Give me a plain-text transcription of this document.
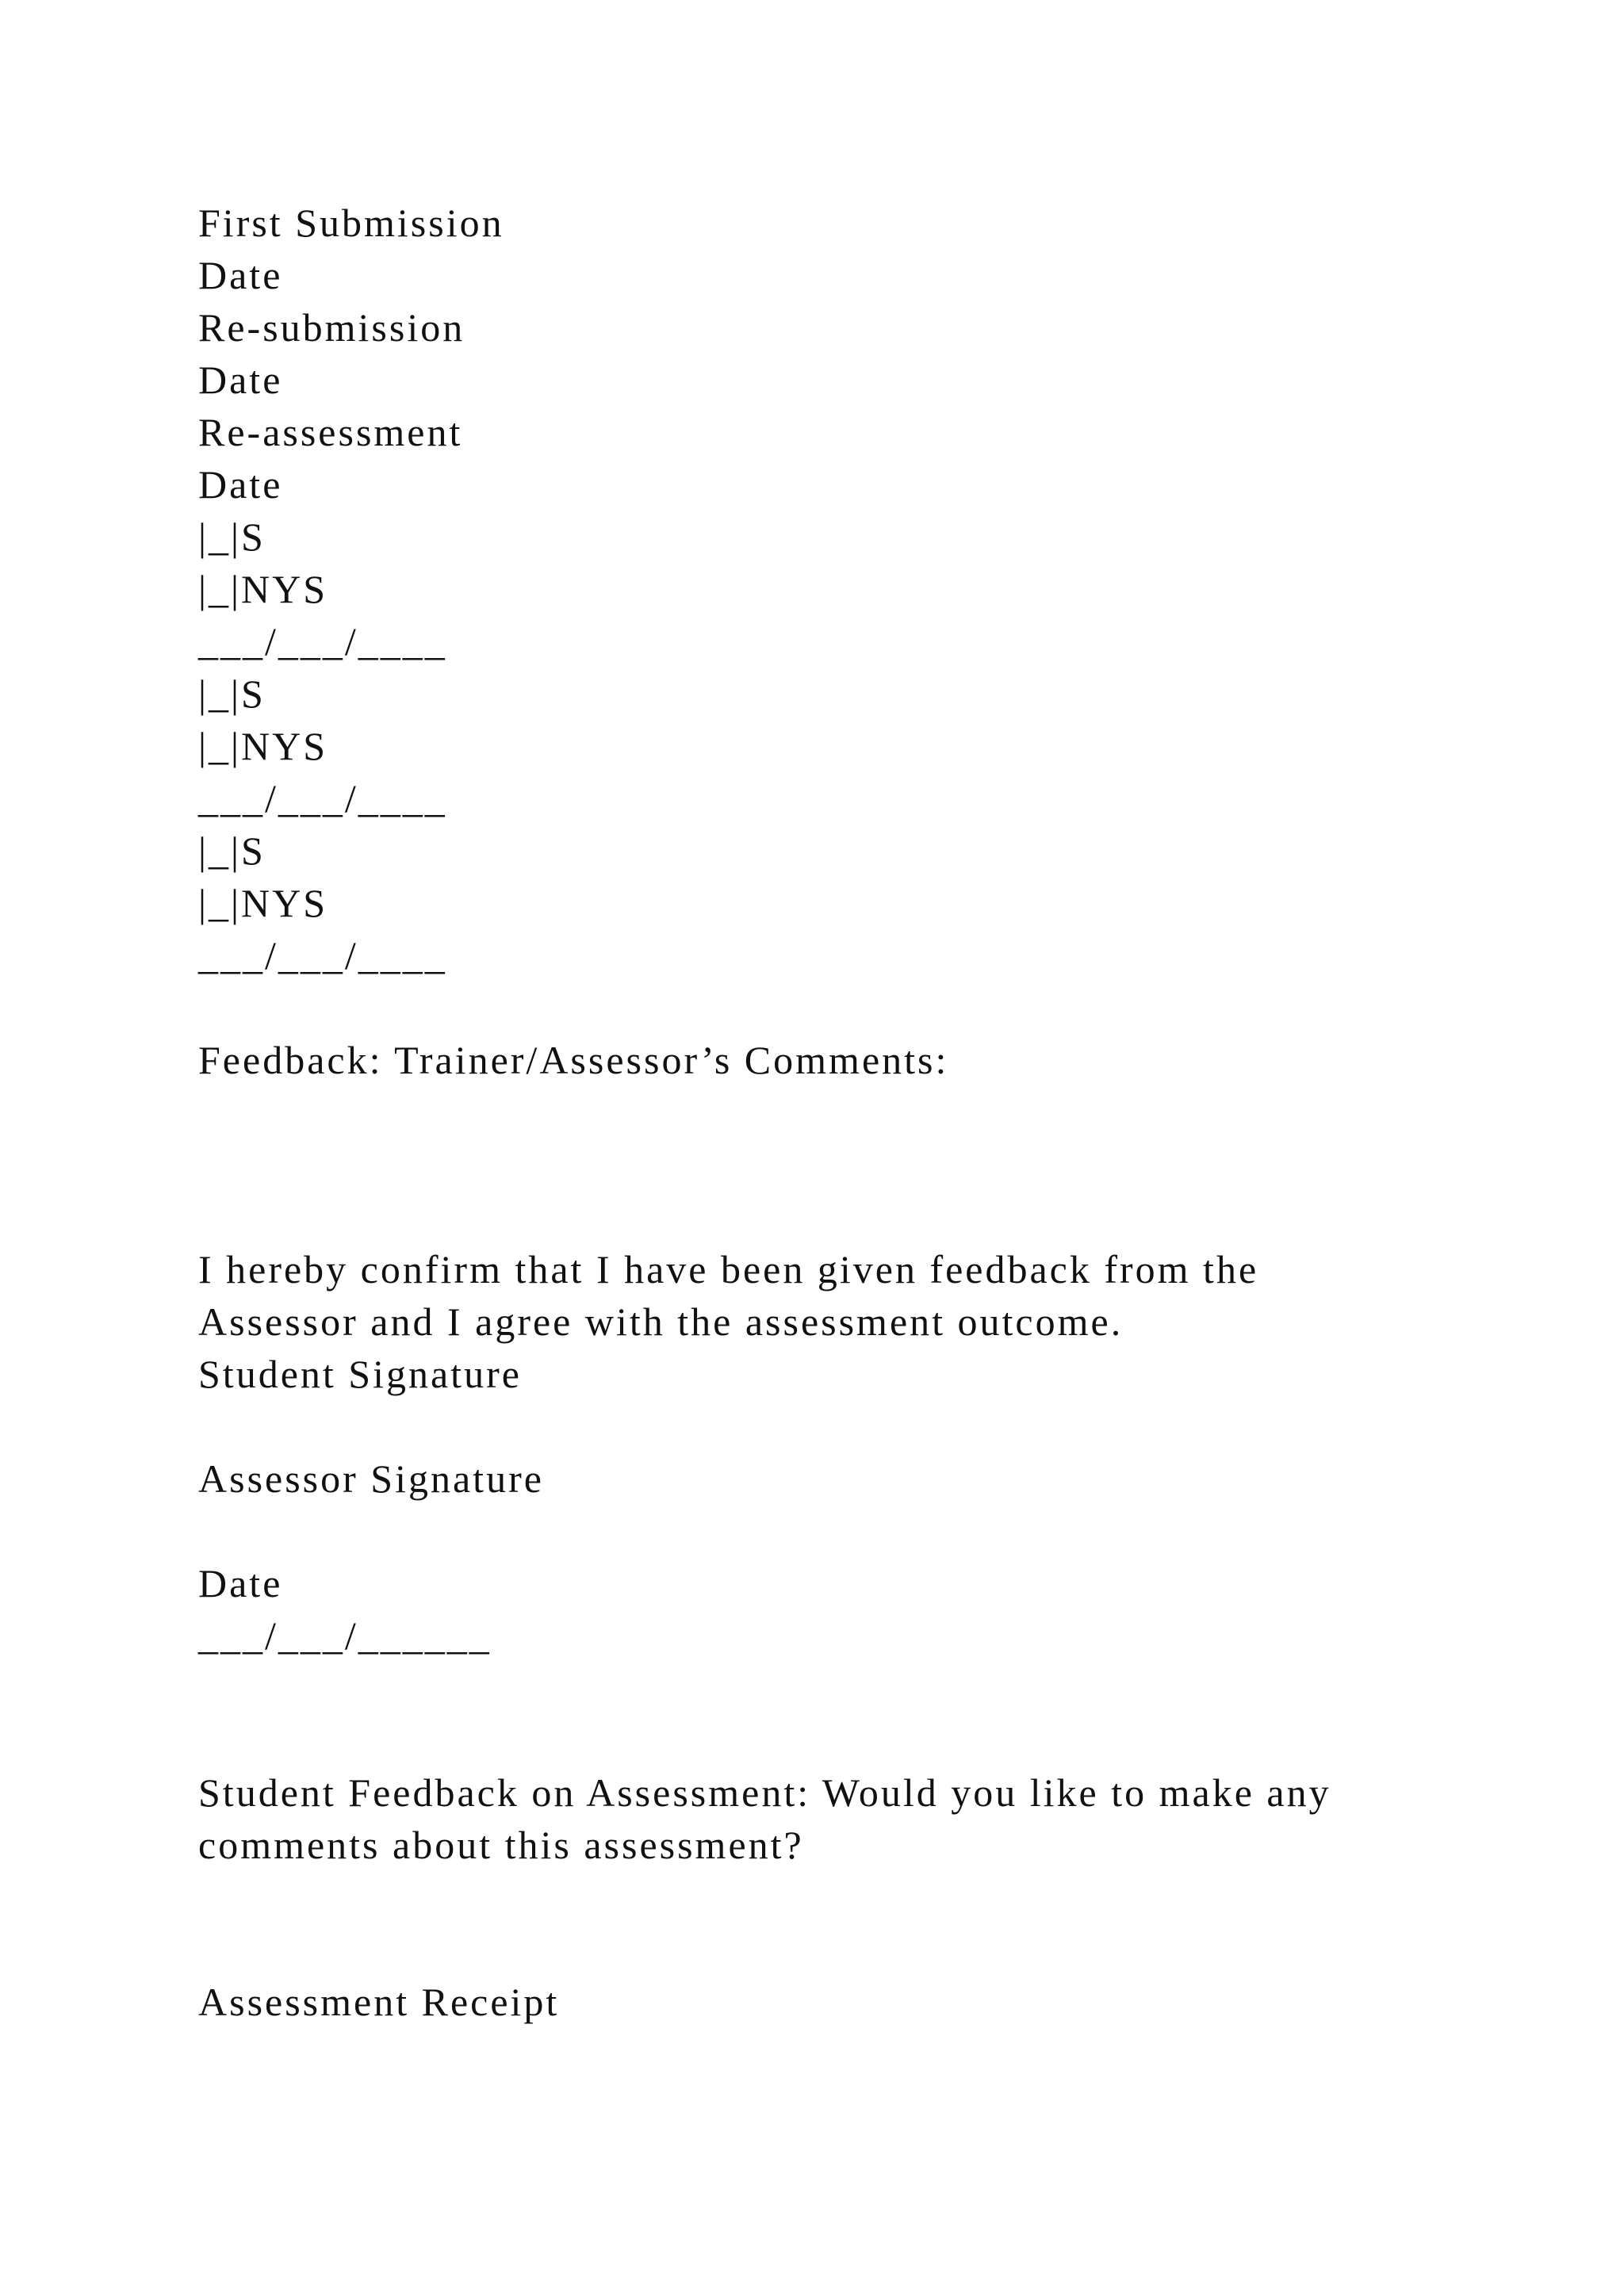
First Submission
Date
Re-submission
Date
Re-assessment
Date
|_|S
|_|NYS
___/___/____
|_|S
|_|NYS
___/___/____
|_|S
|_|NYS
___/___/____
Feedback: Trainer/Assessor’s Comments:
I hereby confirm that I have been given feedback from the
Assessor and I agree with the assessment outcome.
Student Signature
Assessor Signature
Date
___/___/______
Student Feedback on Assessment: Would you like to make any
comments about this assessment?
Assessment Receipt
